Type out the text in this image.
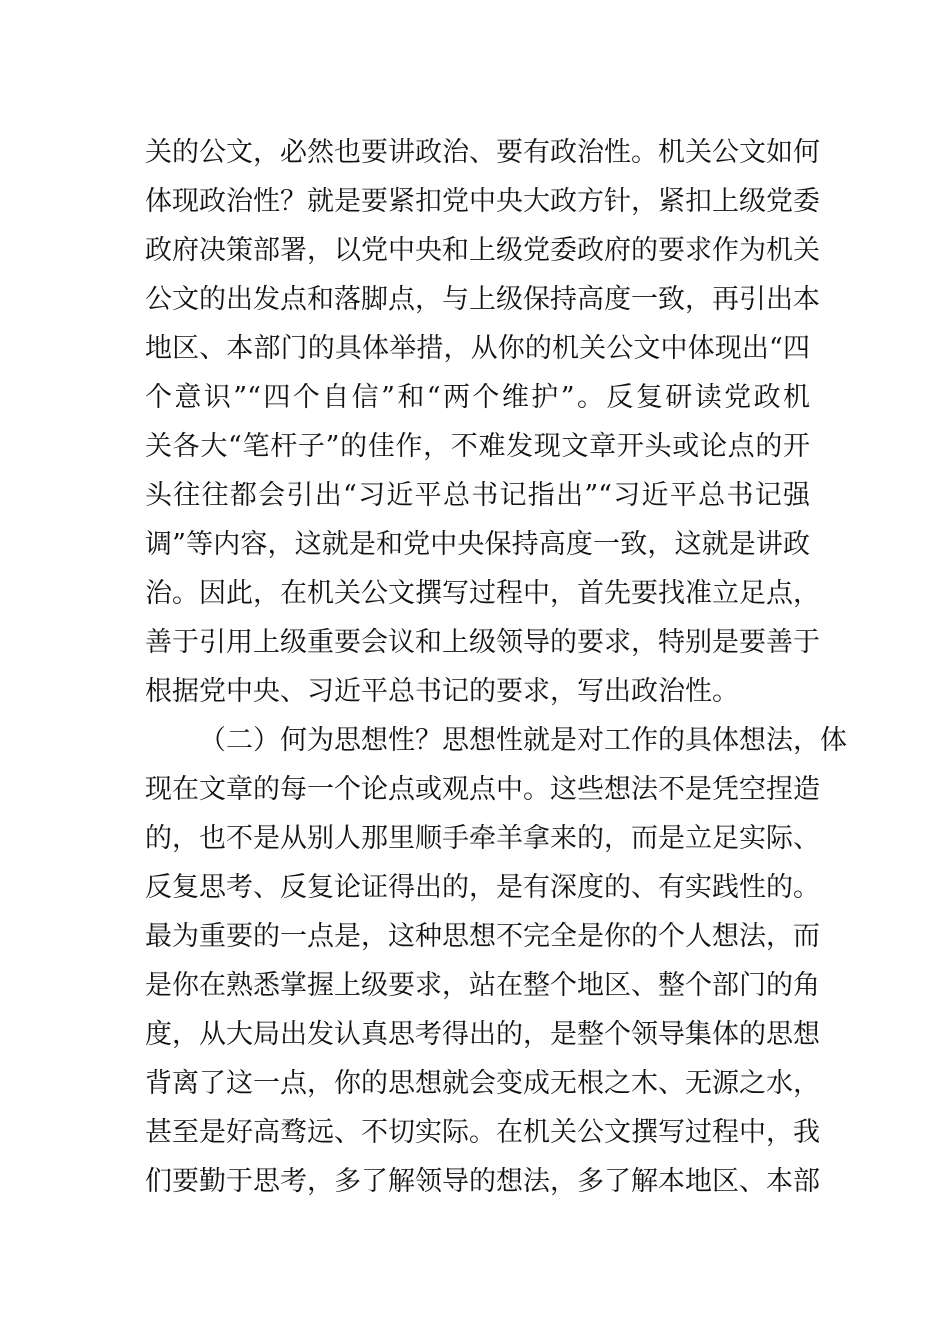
关的公文，必然也要讲政治、要有政治性。机关公文如何
体现政治性？就是要紧扣党中央大政方针，紧扣上级党委
政府决策部署，以党中央和上级党委政府的要求作为机关
公文的出发点和落脚点，与上级保持高度一致，再引出本
地区、本部门的具体举措，从你的机关公文中体现出“四
个意识”“四个自信”和“两个维护”。反复研读党政机
关各大“笔杆子”的佳作，不难发现文章开头或论点的开
头往往都会引出“习近平总书记指出”“习近平总书记强
调”等内容，这就是和党中央保持高度一致，这就是讲政
治。因此，在机关公文撰写过程中，首先要找准立足点，
善于引用上级重要会议和上级领导的要求，特别是要善于
根据党中央、习近平总书记的要求，写出政治性。
（二）何为思想性？思想性就是对工作的具体想法，体
现在文章的每一个论点或观点中。这些想法不是凭空捏造
的，也不是从别人那里顺手牵羊拿来的，而是立足实际、
反复思考、反复论证得出的，是有深度的、有实践性的。
最为重要的一点是，这种思想不完全是你的个人想法，而
是你在熟悉掌握上级要求，站在整个地区、整个部门的角
度，从大局出发认真思考得出的，是整个领导集体的思想
背离了这一点，你的思想就会变成无根之木、无源之水，
甚至是好高骛远、不切实际。在机关公文撰写过程中，我
们要勤于思考，多了解领导的想法，多了解本地区、本部
